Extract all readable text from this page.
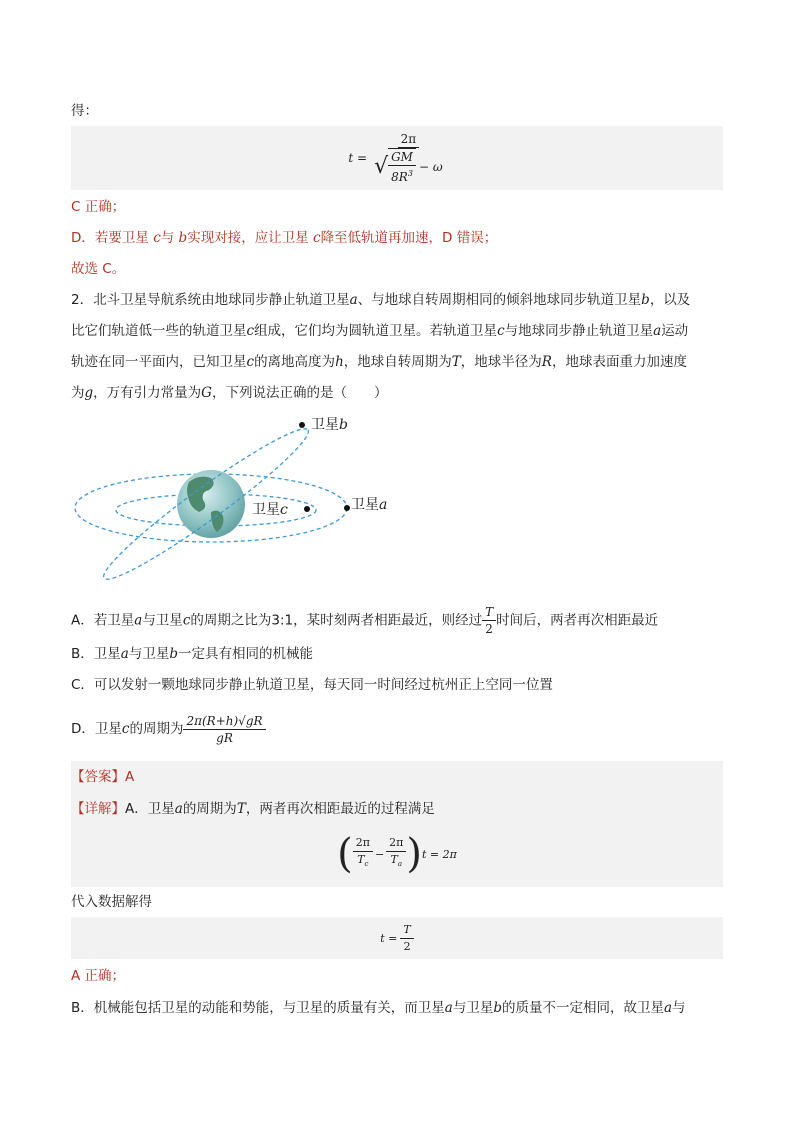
得：
$t = \frac{2\pi}{√ \frac{GM}{8R^3} - \omega}$
C 正确；
D．若要卫星 c与 b实现对接，应让卫星 c降至低轨道再加速，D 错误；
故选 C。
2．北斗卫星导航系统由地球同步静止轨道卫星a、与地球自转周期相同的倾斜地球同步轨道卫星b，以及
比它们轨道低一些的轨道卫星c组成，它们均为圆轨道卫星。若轨道卫星c与地球同步静止轨道卫星a运动
轨迹在同一平面内，已知卫星c的离地高度为h，地球自转周期为T，地球半径为R，地球表面重力加速度
为g，万有引力常量为G，下列说法正确的是（　　）
卫星b
卫星a
卫星c
A．若卫星a与卫星c的周期之比为3:1，某时刻两者相距最近，则经过 $\frac{T}{2}$ 时间后，两者再次相距最近
B．卫星a与卫星b一定具有相同的机械能
C．可以发射一颗地球同步静止轨道卫星，每天同一时间经过杭州正上空同一位置
D．卫星c的周期为 $\frac{2\pi(R+h)√gR}{gR}$
【答案】A
【详解】A．卫星a的周期为T，两者再次相距最近的过程满足
( $\frac{2\pi}{T_c} - \frac{2\pi}{T_a}$ ) t = 2π
代入数据解得
$t = \frac{T}{2}$
A 正确；
B．机械能包括卫星的动能和势能，与卫星的质量有关，而卫星a与卫星b的质量不一定相同，故卫星a与
